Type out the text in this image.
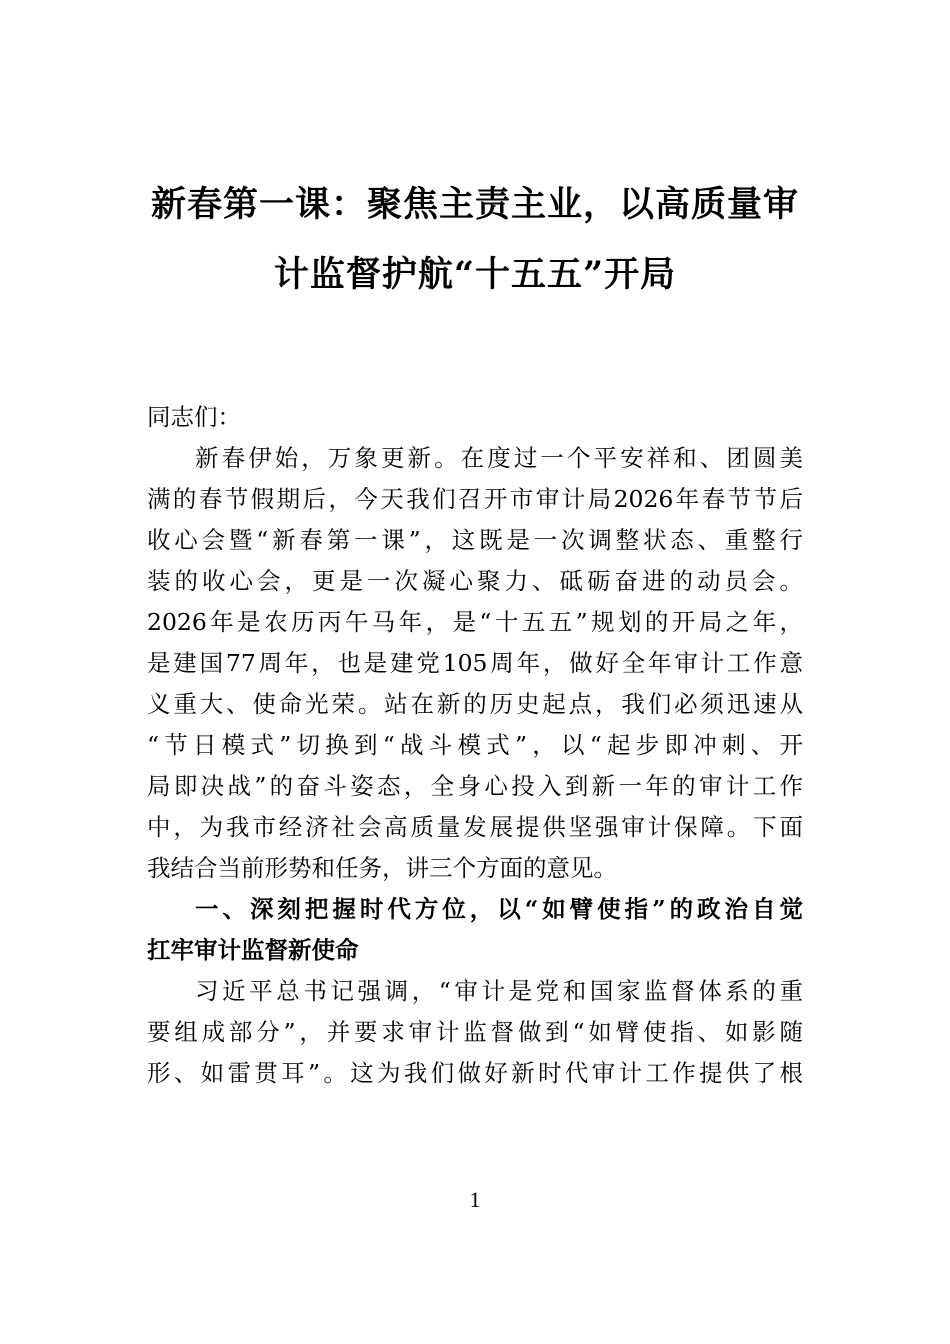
新春第一课：聚焦主责主业，以高质量审
计监督护航“十五五”开局
同志们：
新春伊始，万象更新。在度过一个平安祥和、团圆美
满的春节假期后，今天我们召开市审计局2026年春节节后
收心会暨“新春第一课”，这既是一次调整状态、重整行
装的收心会，更是一次凝心聚力、砥砺奋进的动员会。
2026年是农历丙午马年，是“十五五”规划的开局之年，
是建国77周年，也是建党105周年，做好全年审计工作意
义重大、使命光荣。站在新的历史起点，我们必须迅速从
“节日模式”切换到“战斗模式”，以“起步即冲刺、开
局即决战”的奋斗姿态，全身心投入到新一年的审计工作
中，为我市经济社会高质量发展提供坚强审计保障。下面
我结合当前形势和任务，讲三个方面的意见。
一、深刻把握时代方位，以“如臂使指”的政治自觉
扛牢审计监督新使命
习近平总书记强调，“审计是党和国家监督体系的重
要组成部分”，并要求审计监督做到“如臂使指、如影随
形、如雷贯耳”。这为我们做好新时代审计工作提供了根
1
